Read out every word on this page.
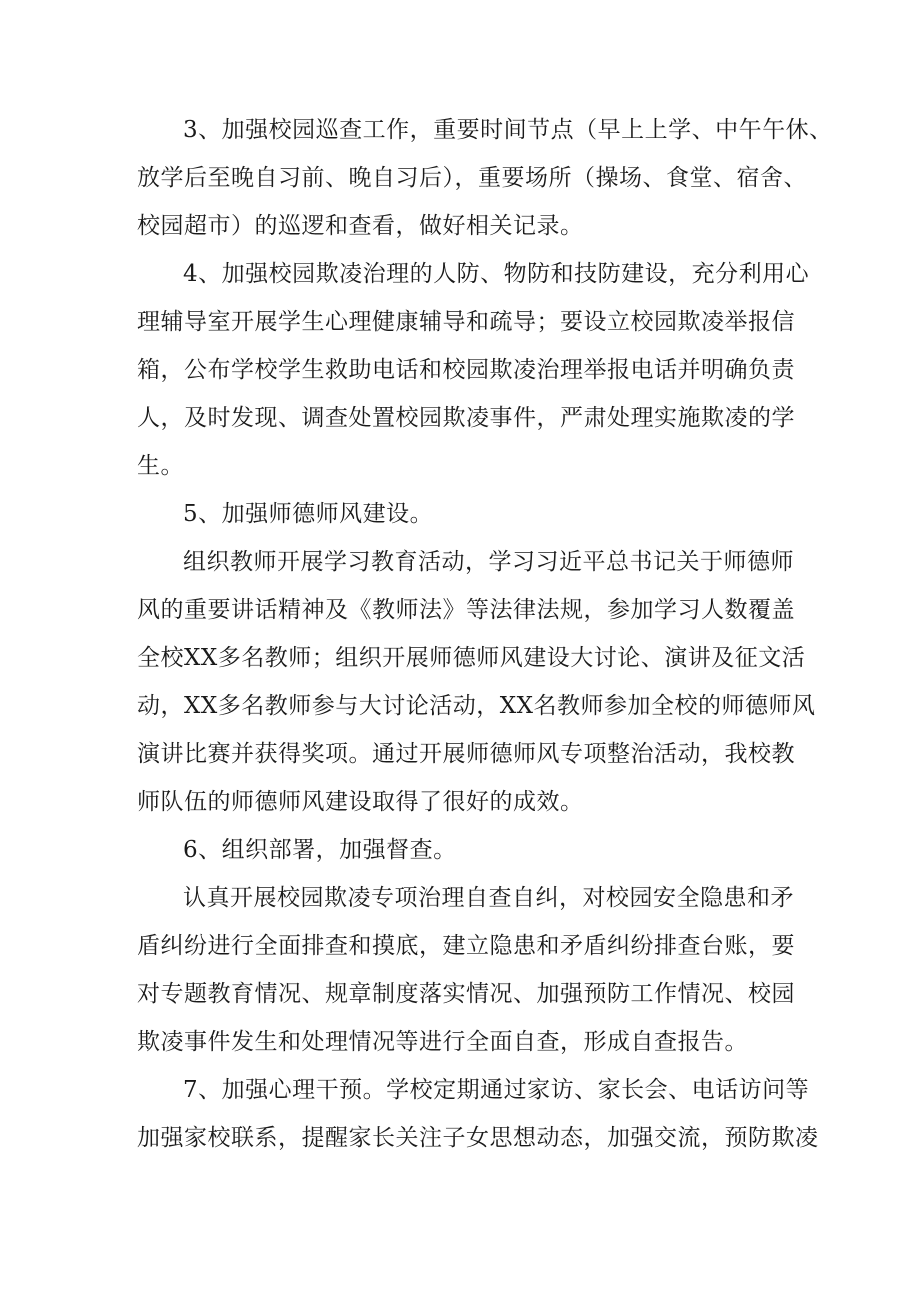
3、加强校园巡查工作，重要时间节点（早上上学、中午午休、
放学后至晚自习前、晚自习后），重要场所（操场、食堂、宿舍、
校园超市）的巡逻和查看，做好相关记录。
4、加强校园欺凌治理的人防、物防和技防建设，充分利用心
理辅导室开展学生心理健康辅导和疏导；要设立校园欺凌举报信
箱，公布学校学生救助电话和校园欺凌治理举报电话并明确负责
人，及时发现、调查处置校园欺凌事件，严肃处理实施欺凌的学
生。
5、加强师德师风建设。
组织教师开展学习教育活动，学习习近平总书记关于师德师
风的重要讲话精神及《教师法》等法律法规，参加学习人数覆盖
全校XX多名教师；组织开展师德师风建设大讨论、演讲及征文活
动，XX多名教师参与大讨论活动，XX名教师参加全校的师德师风
演讲比赛并获得奖项。通过开展师德师风专项整治活动，我校教
师队伍的师德师风建设取得了很好的成效。
6、组织部署，加强督查。
认真开展校园欺凌专项治理自查自纠，对校园安全隐患和矛
盾纠纷进行全面排查和摸底，建立隐患和矛盾纠纷排查台账，要
对专题教育情况、规章制度落实情况、加强预防工作情况、校园
欺凌事件发生和处理情况等进行全面自查，形成自查报告。
7、加强心理干预。学校定期通过家访、家长会、电话访问等
加强家校联系，提醒家长关注子女思想动态，加强交流，预防欺凌
